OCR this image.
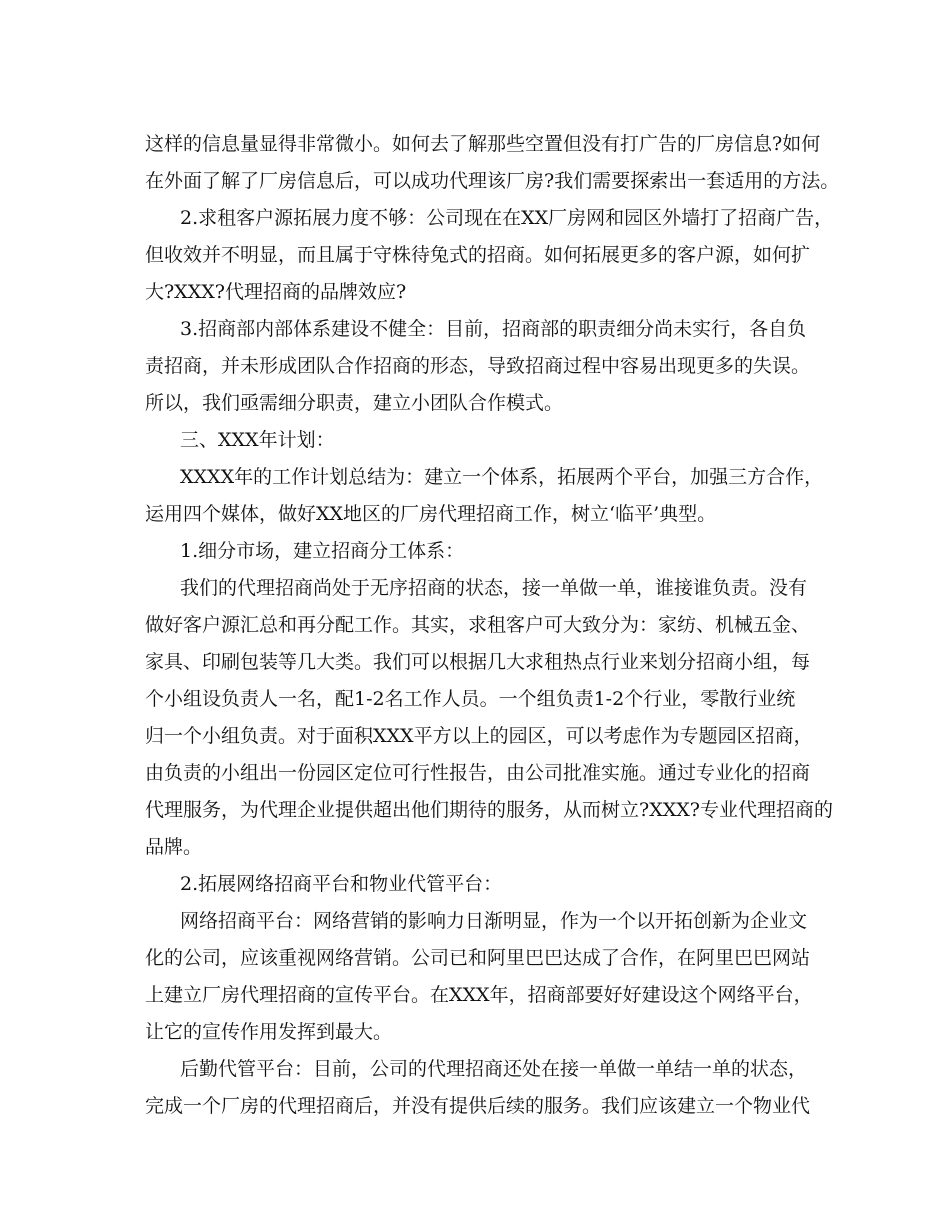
这样的信息量显得非常微小。如何去了解那些空置但没有打广告的厂房信息?如何
在外面了解了厂房信息后，可以成功代理该厂房?我们需要探索出一套适用的方法。
2.求租客户源拓展力度不够：公司现在在XX厂房网和园区外墙打了招商广告，
但收效并不明显，而且属于守株待兔式的招商。如何拓展更多的客户源，如何扩
大?XXX?代理招商的品牌效应?
3.招商部内部体系建设不健全：目前，招商部的职责细分尚未实行，各自负
责招商，并未形成团队合作招商的形态，导致招商过程中容易出现更多的失误。
所以，我们亟需细分职责，建立小团队合作模式。
三、XXX年计划：
XXXX年的工作计划总结为：建立一个体系，拓展两个平台，加强三方合作，
运用四个媒体，做好XX地区的厂房代理招商工作，树立‘临平’典型。
1.细分市场，建立招商分工体系：
我们的代理招商尚处于无序招商的状态，接一单做一单，谁接谁负责。没有
做好客户源汇总和再分配工作。其实，求租客户可大致分为：家纺、机械五金、
家具、印刷包装等几大类。我们可以根据几大求租热点行业来划分招商小组，每
个小组设负责人一名，配1-2名工作人员。一个组负责1-2个行业，零散行业统
归一个小组负责。对于面积XXX平方以上的园区，可以考虑作为专题园区招商，
由负责的小组出一份园区定位可行性报告，由公司批准实施。通过专业化的招商
代理服务，为代理企业提供超出他们期待的服务，从而树立?XXX?专业代理招商的
品牌。
2.拓展网络招商平台和物业代管平台：
网络招商平台：网络营销的影响力日渐明显，作为一个以开拓创新为企业文
化的公司，应该重视网络营销。公司已和阿里巴巴达成了合作，在阿里巴巴网站
上建立厂房代理招商的宣传平台。在XXX年，招商部要好好建设这个网络平台，
让它的宣传作用发挥到最大。
后勤代管平台：目前，公司的代理招商还处在接一单做一单结一单的状态，
完成一个厂房的代理招商后，并没有提供后续的服务。我们应该建立一个物业代
